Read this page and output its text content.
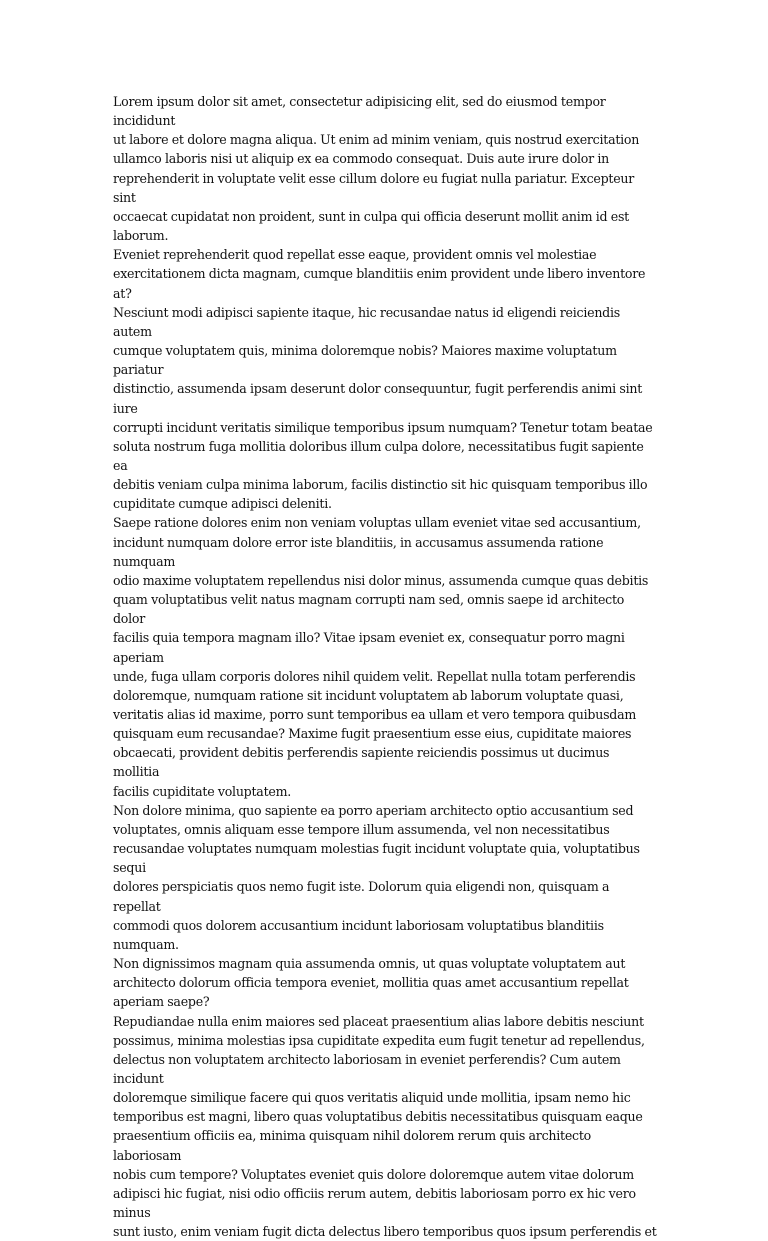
Lorem ipsum dolor sit amet, consectetur adipisicing elit, sed do eiusmod tempor incididunt
ut labore et dolore magna aliqua. Ut enim ad minim veniam, quis nostrud exercitation
ullamco laboris nisi ut aliquip ex ea commodo consequat. Duis aute irure dolor in
reprehenderit in voluptate velit esse cillum dolore eu fugiat nulla pariatur. Excepteur sint
occaecat cupidatat non proident, sunt in culpa qui officia deserunt mollit anim id est
laborum.

Eveniet reprehenderit quod repellat esse eaque, provident omnis vel molestiae
exercitationem dicta magnam, cumque blanditiis enim provident unde libero inventore at?
Nesciunt modi adipisci sapiente itaque, hic recusandae natus id eligendi reiciendis autem
cumque voluptatem quis, minima doloremque nobis? Maiores maxime voluptatum pariatur
distinctio, assumenda ipsam deserunt dolor consequuntur, fugit perferendis animi sint iure
corrupti incidunt veritatis similique temporibus ipsum numquam? Tenetur totam beatae
soluta nostrum fuga mollitia doloribus illum culpa dolore, necessitatibus fugit sapiente ea
debitis veniam culpa minima laborum, facilis distinctio sit hic quisquam temporibus illo
cupiditate cumque adipisci deleniti.

Saepe ratione dolores enim non veniam voluptas ullam eveniet vitae sed accusantium,
incidunt numquam dolore error iste blanditiis, in accusamus assumenda ratione numquam
odio maxime voluptatem repellendus nisi dolor minus, assumenda cumque quas debitis
quam voluptatibus velit natus magnam corrupti nam sed, omnis saepe id architecto dolor
facilis quia tempora magnam illo? Vitae ipsam eveniet ex, consequatur porro magni aperiam
unde, fuga ullam corporis dolores nihil quidem velit. Repellat nulla totam perferendis
doloremque, numquam ratione sit incidunt voluptatem ab laborum voluptate quasi,
veritatis alias id maxime, porro sunt temporibus ea ullam et vero tempora quibusdam
quisquam eum recusandae? Maxime fugit praesentium esse eius, cupiditate maiores
obcaecati, provident debitis perferendis sapiente reiciendis possimus ut ducimus mollitia
facilis cupiditate voluptatem.

Non dolore minima, quo sapiente ea porro aperiam architecto optio accusantium sed
voluptates, omnis aliquam esse tempore illum assumenda, vel non necessitatibus
recusandae voluptates numquam molestias fugit incidunt voluptate quia, voluptatibus sequi
dolores perspiciatis quos nemo fugit iste. Dolorum quia eligendi non, quisquam a repellat
commodi quos dolorem accusantium incidunt laboriosam voluptatibus blanditiis numquam.
Non dignissimos magnam quia assumenda omnis, ut quas voluptate voluptatem aut
architecto dolorum officia tempora eveniet, mollitia quas amet accusantium repellat
aperiam saepe?

Repudiandae nulla enim maiores sed placeat praesentium alias labore debitis nesciunt
possimus, minima molestias ipsa cupiditate expedita eum fugit tenetur ad repellendus,
delectus non voluptatem architecto laboriosam in eveniet perferendis? Cum autem incidunt
doloremque similique facere qui quos veritatis aliquid unde mollitia, ipsam nemo hic
temporibus est magni, libero quas voluptatibus debitis necessitatibus quisquam eaque
praesentium officiis ea, minima quisquam nihil dolorem rerum quis architecto laboriosam
nobis cum tempore? Voluptates eveniet quis dolore doloremque autem vitae dolorum
adipisci hic fugiat, nisi odio officiis rerum autem, debitis laboriosam porro ex hic vero minus
sunt iusto, enim veniam fugit dicta delectus libero temporibus quos ipsum perferendis et
